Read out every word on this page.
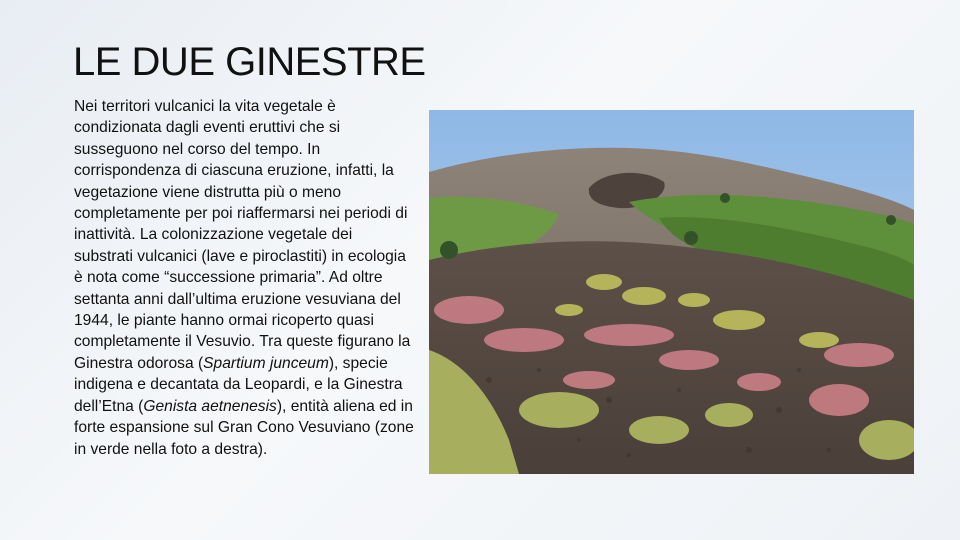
LE DUE GINESTRE

Nei territori vulcanici la vita vegetale è condizionata dagli eventi eruttivi che si susseguono nel corso del tempo. In corrispondenza di ciascuna eruzione, infatti, la vegetazione viene distrutta più o meno completamente per poi riaffermarsi nei periodi di inattività. La colonizzazione vegetale dei substrati vulcanici (lave e piroclastiti) in ecologia è nota come “successione primaria”. Ad oltre settanta anni dall’ultima eruzione vesuviana del 1944, le piante hanno ormai ricoperto quasi completamente il Vesuvio. Tra queste figurano la Ginestra odorosa (Spartium junceum), specie indigena e decantata da Leopardi, e la Ginestra dell’Etna (Genista aetnenesis), entità aliena ed in forte espansione sul Gran Cono Vesuviano (zone in verde nella foto a destra).
